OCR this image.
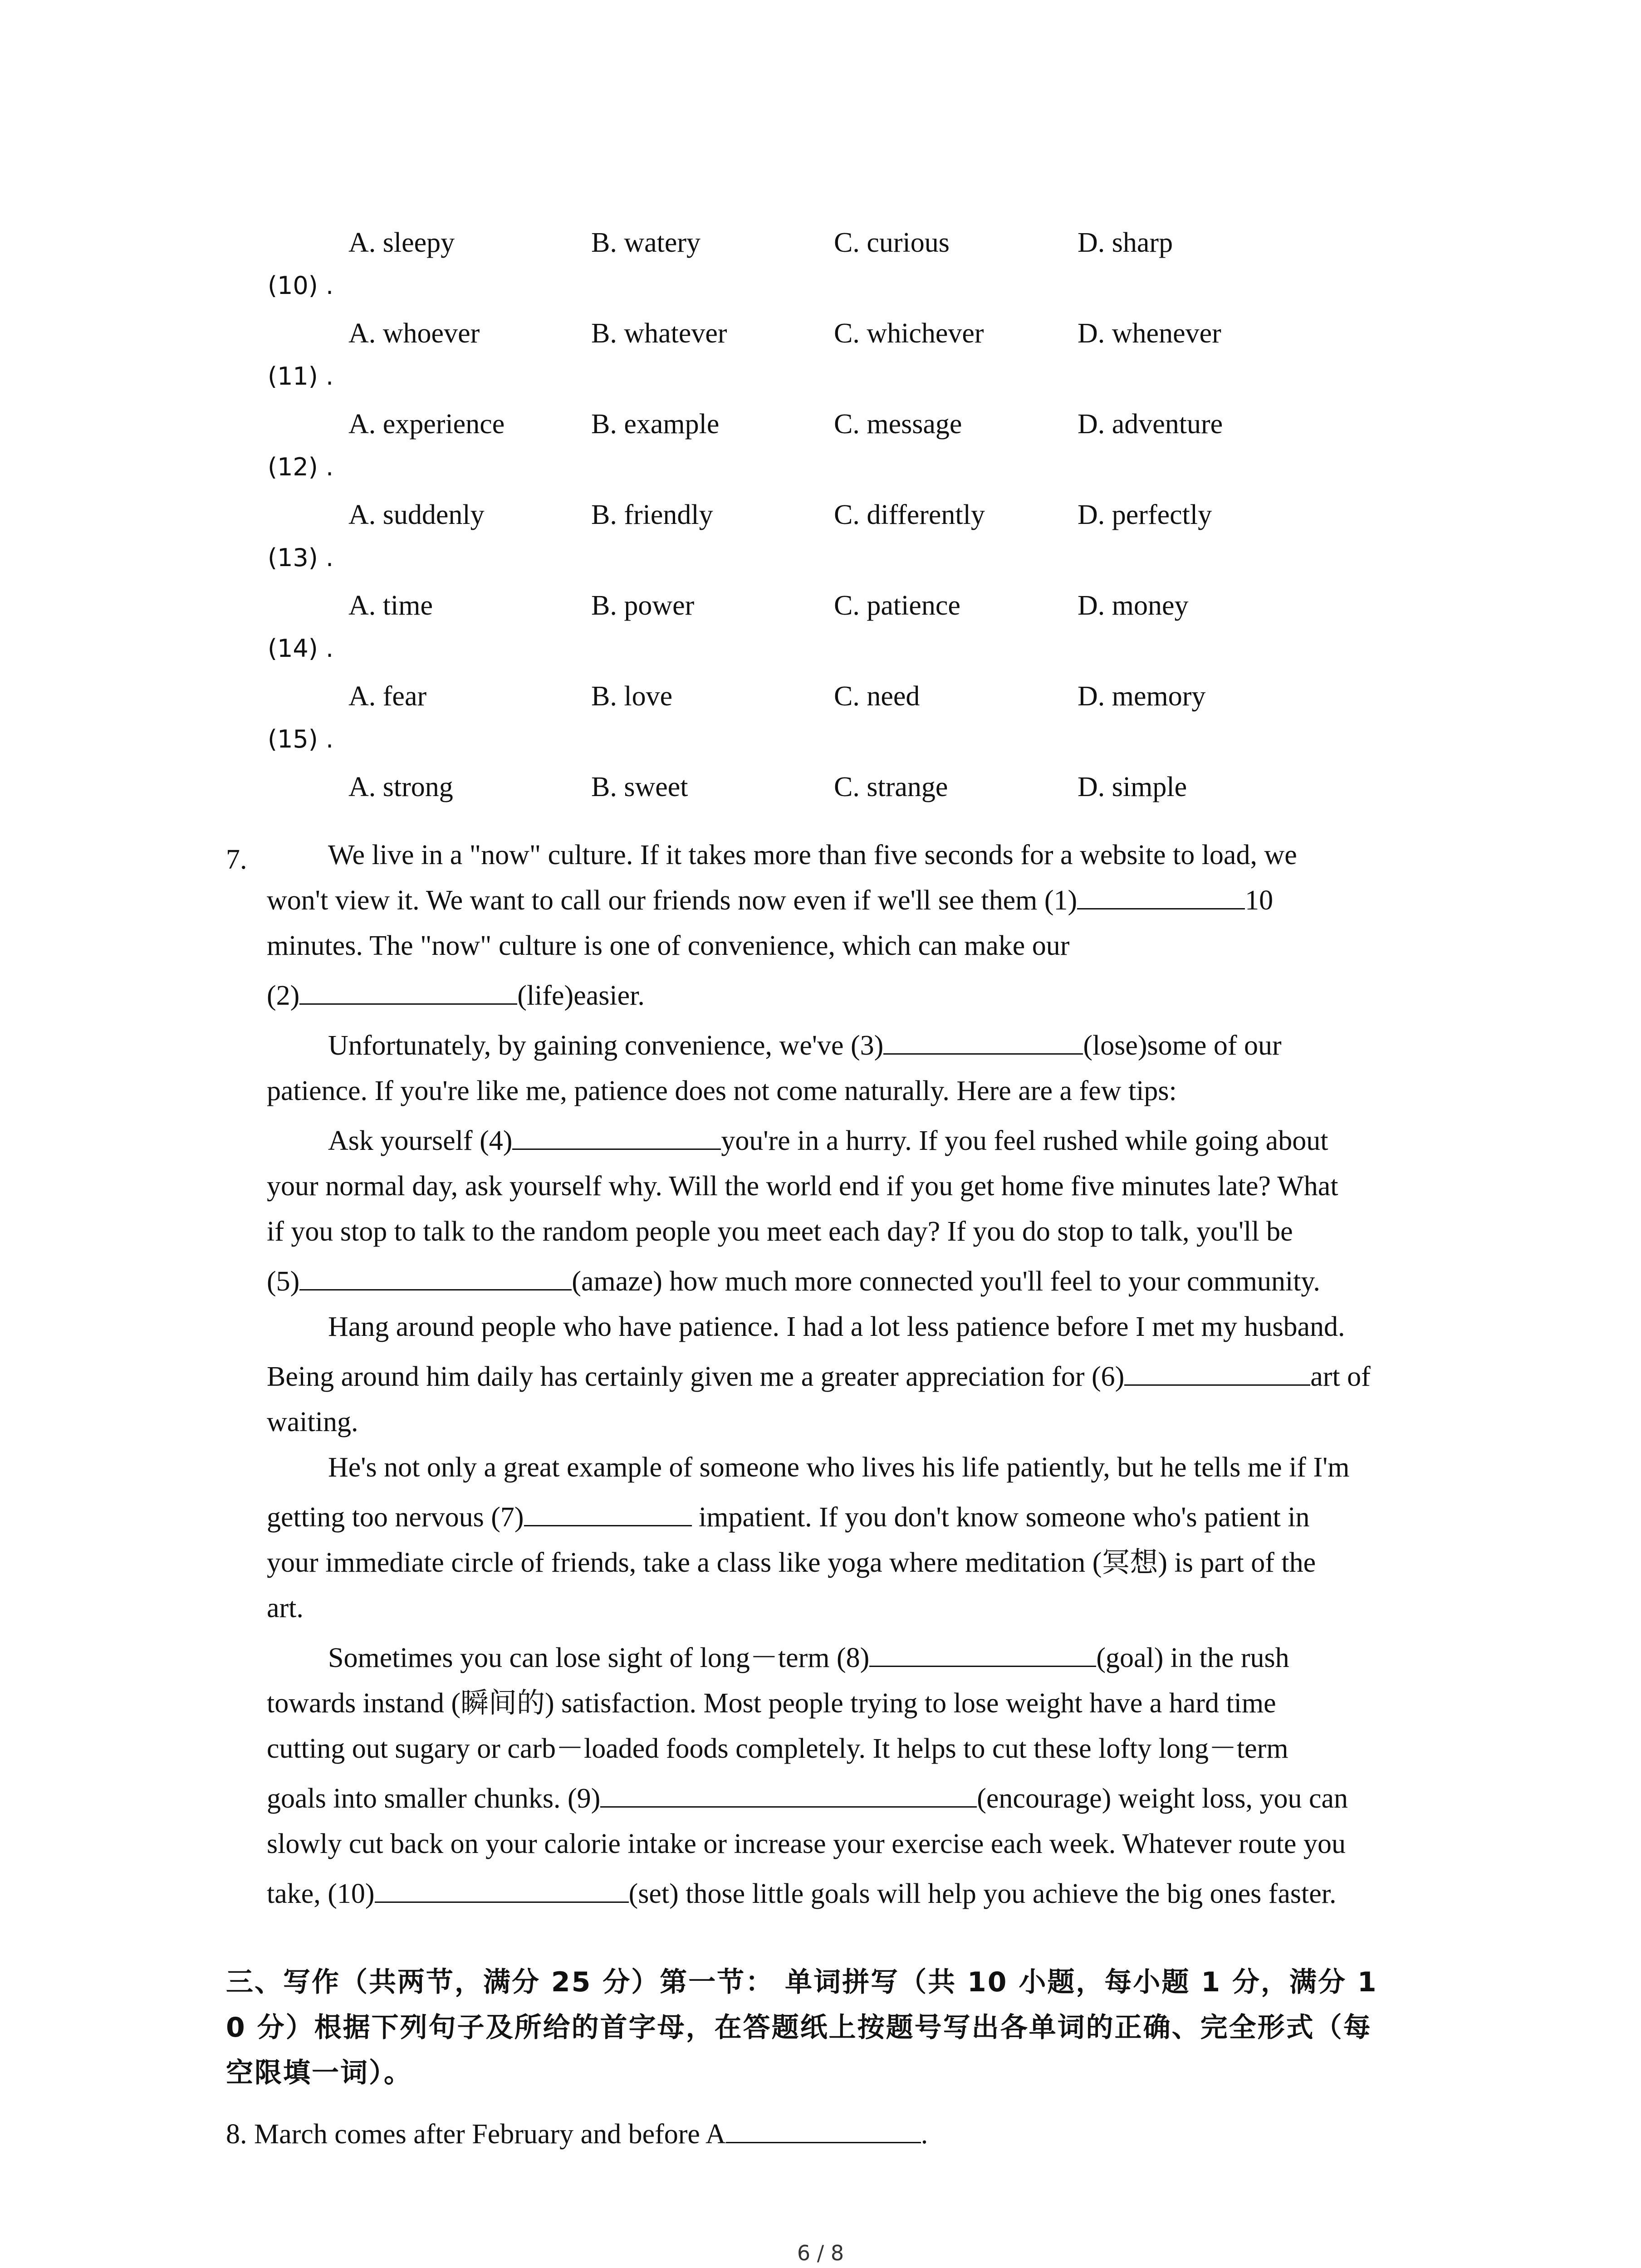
A. sleepy	B. watery	C. curious	D. sharp
(10) .
A. whoever	B. whatever	C. whichever	D. whenever
(11) .
A. experience	B. example	C. message	D. adventure
(12) .
A. suddenly	B. friendly	C. differently	D. perfectly
(13) .
A. time	B. power	C. patience	D. money
(14) .
A. fear	B. love	C. need	D. memory
(15) .
A. strong	B. sweet	C. strange	D. simple
7.	We live in a "now" culture. If it takes more than five seconds for a website to load, we
won't view it. We want to call our friends now even if we'll see them (1)	10
minutes. The "now" culture is one of convenience, which can make our
(2)	(life)easier.
Unfortunately, by gaining convenience, we've (3)	(lose)some of our
patience. If you're like me, patience does not come naturally. Here are a few tips:
Ask yourself (4)	you're in a hurry. If you feel rushed while going about
your normal day, ask yourself why. Will the world end if you get home five minutes late? What
if you stop to talk to the random people you meet each day? If you do stop to talk, you'll be
(5)	(amaze) how much more connected you'll feel to your community.
Hang around people who have patience. I had a lot less patience before I met my husband.
Being around him daily has certainly given me a greater appreciation for (6)	art of
waiting.
He's not only a great example of someone who lives his life patiently, but he tells me if I'm
getting too nervous (7)	impatient. If you don't know someone who's patient in
your immediate circle of friends, take a class like yoga where meditation (冥想) is part of the
art.
Sometimes you can lose sight of long－term (8)	(goal) in the rush
towards instand (瞬间的) satisfaction. Most people trying to lose weight have a hard time
cutting out sugary or carb－loaded foods completely. It helps to cut these lofty long－term
goals into smaller chunks. (9)	(encourage) weight loss, you can
slowly cut back on your calorie intake or increase your exercise each week. Whatever route you
take, (10)	(set) those little goals will help you achieve the big ones faster.
三、写作（共两节，满分 25 分）第一节： 单词拼写（共 10 小题，每小题 1 分，满分 1
0 分）根据下列句子及所给的首字母，在答题纸上按题号写出各单词的正确、完全形式（每
空限填一词）。
8. March comes after February and before A	.
6 / 8
